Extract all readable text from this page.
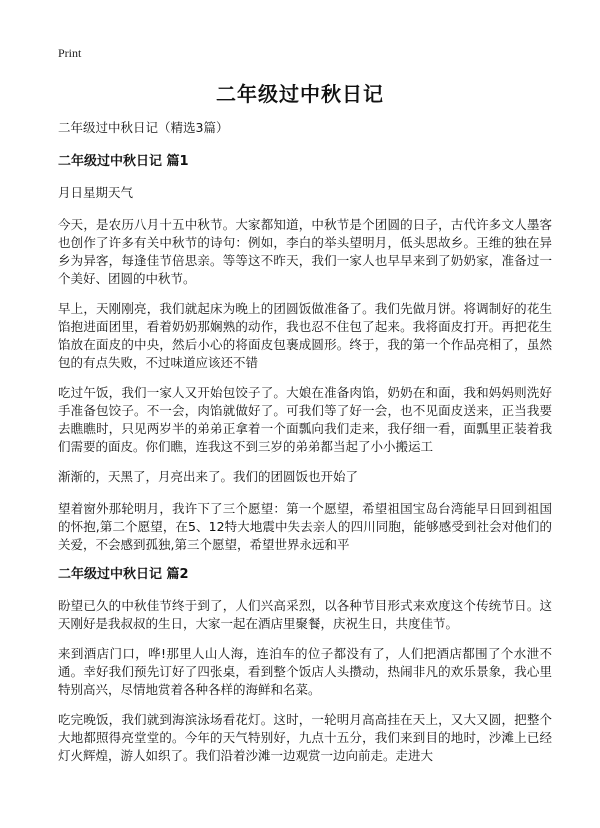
Print
二年级过中秋日记

二年级过中秋日记（精选3篇）

二年级过中秋日记 篇1

月日星期天气

今天，是农历八月十五中秋节。大家都知道，中秋节是个团圆的日子，古代许多文人墨客也创作了许多有关中秋节的诗句：例如，李白的举头望明月，低头思故乡。王维的独在异乡为异客，每逢佳节倍思亲。等等这不昨天，我们一家人也早早来到了奶奶家，准备过一个美好、团圆的中秋节。

早上，天刚刚亮，我们就起床为晚上的团圆饭做准备了。我们先做月饼。将调制好的花生馅抱进面团里，看着奶奶那娴熟的动作，我也忍不住包了起来。我将面皮打开。再把花生馅放在面皮的中央，然后小心的将面皮包裹成圆形。终于，我的第一个作品亮相了，虽然包的有点失败，不过味道应该还不错

吃过午饭，我们一家人又开始包饺子了。大娘在准备肉馅，奶奶在和面，我和妈妈则洗好手准备包饺子。不一会，肉馅就做好了。可我们等了好一会，也不见面皮送来，正当我要去瞧瞧时，只见两岁半的弟弟正拿着一个面瓢向我们走来，我仔细一看，面瓢里正装着我们需要的面皮。你们瞧，连我这不到三岁的弟弟都当起了小小搬运工

渐渐的，天黑了，月亮出来了。我们的团圆饭也开始了

望着窗外那轮明月，我许下了三个愿望：第一个愿望，希望祖国宝岛台湾能早日回到祖国的怀抱,第二个愿望，在5、12特大地震中失去亲人的四川同胞，能够感受到社会对他们的关爱，不会感到孤独,第三个愿望，希望世界永远和平

二年级过中秋日记 篇2

盼望已久的中秋佳节终于到了，人们兴高采烈，以各种节目形式来欢度这个传统节日。这天刚好是我叔叔的生日，大家一起在酒店里聚餐，庆祝生日，共度佳节。

来到酒店门口，哗!那里人山人海，连泊车的位子都没有了，人们把酒店都围了个水泄不通。幸好我们预先订好了四张桌，看到整个饭店人头攒动，热闹非凡的欢乐景象，我心里特别高兴，尽情地赏着各种各样的海鲜和名菜。

吃完晚饭，我们就到海滨泳场看花灯。这时，一轮明月高高挂在天上，又大又圆，把整个大地都照得亮堂堂的。今年的天气特别好，九点十五分，我们来到目的地时，沙滩上已经灯火辉煌，游人如织了。我们沿着沙滩一边观赏一边向前走。走进大
